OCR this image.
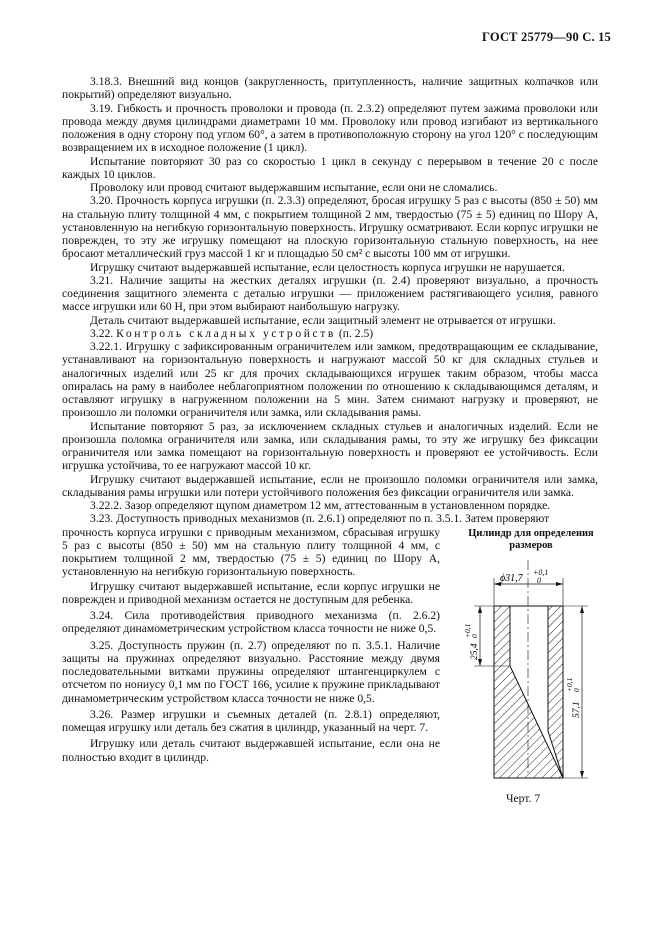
ГОСТ 25779—90 С. 15

3.18.3. Внешний вид концов (закругленность, притупленность, наличие защитных колпачков или покрытий) определяют визуально.

3.19. Гибкость и прочность проволоки и провода (п. 2.3.2) определяют путем зажима проволоки или провода между двумя цилиндрами диаметрами 10 мм. Проволоку или провод изгибают из вертикального положения в одну сторону под углом 60°, а затем в противоположную сторону на угол 120° с последующим возвращением их в исходное положение (1 цикл).

Испытание повторяют 30 раз со скоростью 1 цикл в секунду с перерывом в течение 20 с после каждых 10 циклов.

Проволоку или провод считают выдержавшим испытание, если они не сломались.

3.20. Прочность корпуса игрушки (п. 2.3.3) определяют, бросая игрушку 5 раз с высоты (850 ± 50) мм на стальную плиту толщиной 4 мм, с покрытием толщиной 2 мм, твердостью (75 ± 5) единиц по Шору А, установленную на негибкую горизонтальную поверхность. Игрушку осматривают. Если корпус игрушки не поврежден, то эту же игрушку помещают на плоскую горизонтальную стальную поверхность, на нее бросают металлический груз массой 1 кг и площадью 50 см² с высоты 100 мм от игрушки.

Игрушку считают выдержавшей испытание, если целостность корпуса игрушки не нарушается.

3.21. Наличие защиты на жестких деталях игрушки (п. 2.4) проверяют визуально, а прочность соединения защитного элемента с деталью игрушки — приложением растягивающего усилия, равного массе игрушки или 60 Н, при этом выбирают наибольшую нагрузку.

Деталь считают выдержавшей испытание, если защитный элемент не отрывается от игрушки.

3.22. Контроль складных устройств (п. 2.5)

3.22.1. Игрушку с зафиксированным ограничителем или замком, предотвращающим ее складывание, устанавливают на горизонтальную поверхность и нагружают массой 50 кг для складных стульев и аналогичных изделий или 25 кг для прочих складывающихся игрушек таким образом, чтобы масса опиралась на раму в наиболее неблагоприятном положении по отношению к складывающимся деталям, и оставляют игрушку в нагруженном положении на 5 мин. Затем снимают нагрузку и проверяют, не произошло ли поломки ограничителя или замка, или складывания рамы.

Испытание повторяют 5 раз, за исключением складных стульев и аналогичных изделий. Если не произошла поломка ограничителя или замка, или складывания рамы, то эту же игрушку без фиксации ограничителя или замка помещают на горизонтальную поверхность и проверяют ее устойчивость. Если игрушка устойчива, то ее нагружают массой 10 кг.

Игрушку считают выдержавшей испытание, если не произошло поломки ограничителя или замка, складывания рамы игрушки или потери устойчивого положения без фиксации ограничителя или замка.

3.22.2. Зазор определяют щупом диаметром 12 мм, аттестованным в установленном порядке.

3.23. Доступность приводных механизмов (п. 2.6.1) определяют по п. 3.5.1. Затем проверяют

прочность корпуса игрушки с приводным механизмом, сбрасывая игрушку 5 раз с высоты (850 ± 50) мм на стальную плиту толщиной 4 мм, с покрытием толщиной 2 мм, твердостью (75 ± 5) единиц по Шору А, установленную на негибкую горизонтальную поверхность.

Игрушку считают выдержавшей испытание, если корпус игрушки не поврежден и приводной механизм остается не доступным для ребенка.

3.24. Сила противодействия приводного механизма (п. 2.6.2) определяют динамометрическим устройством класса точности не ниже 0,5.

3.25. Доступность пружин (п. 2.7) определяют по п. 3.5.1. Наличие защиты на пружинах определяют визуально. Расстояние между двумя последовательными витками пружины определяют штангенциркулем с отсчетом по нониусу 0,1 мм по ГОСТ 166, усилие к пружине прикладывают динамометрическим устройством класса точности не ниже 0,5.

3.26. Размер игрушки и съемных деталей (п. 2.8.1) определяют, помещая игрушку или деталь без сжатия в цилиндр, указанный на черт. 7.

Игрушку или деталь считают выдержавшей испытание, если она не полностью входит в цилиндр.

Цилиндр для определения размеров
ϕ31,7
+0,1
0
25,4
+0,1
0
57,1
+0,1
0
Черт. 7
